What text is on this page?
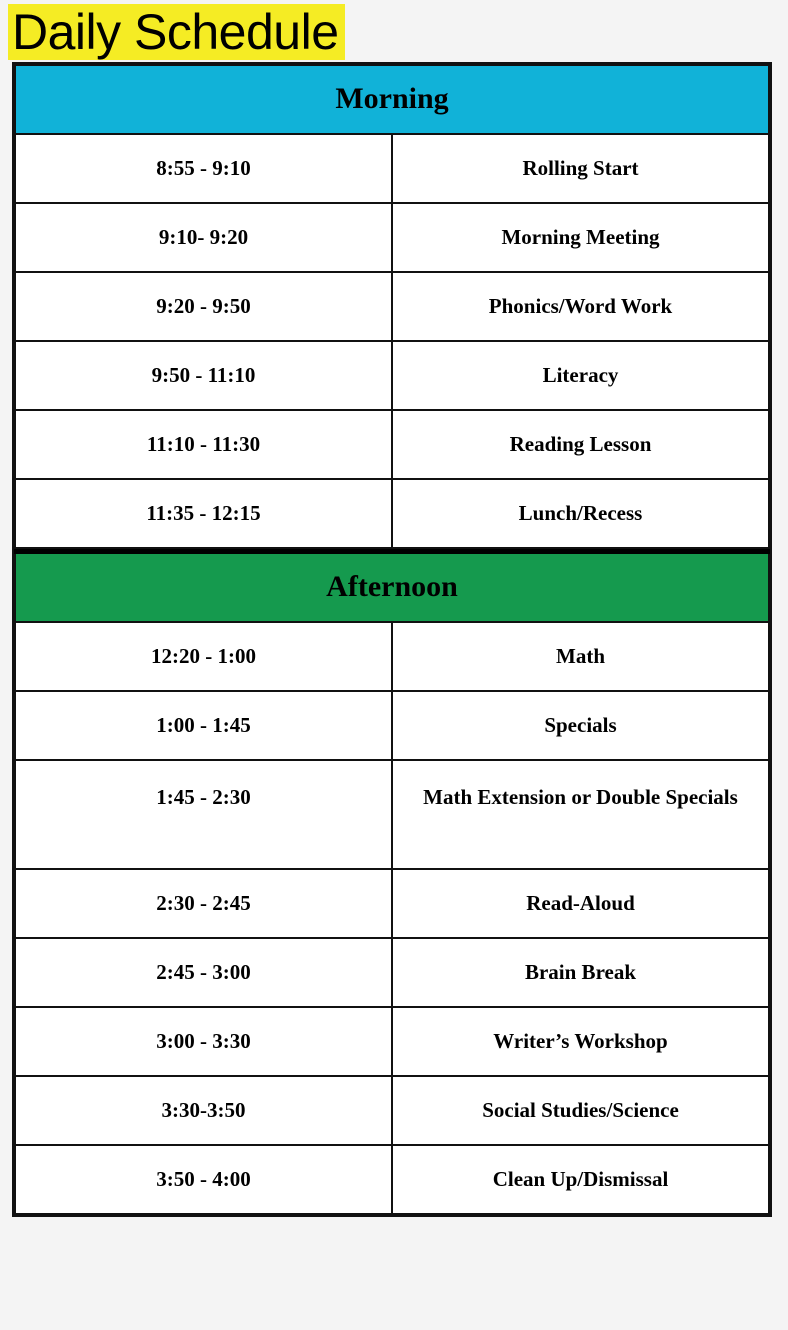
Daily Schedule
Morning	
8:55 - 9:10	Rolling Start
9:10- 9:20	Morning Meeting
9:20 - 9:50	Phonics/Word Work
9:50 - 11:10	Literacy
11:10 - 11:30	Reading Lesson
11:35 - 12:15	Lunch/Recess
Afternoon	
12:20 - 1:00	Math
1:00 - 1:45	Specials
1:45 - 2:30	Math Extension or Double Specials
2:30 - 2:45	Read-Aloud
2:45 - 3:00	Brain Break
3:00 - 3:30	Writer’s Workshop
3:30-3:50	Social Studies/Science
3:50 - 4:00	Clean Up/Dismissal
